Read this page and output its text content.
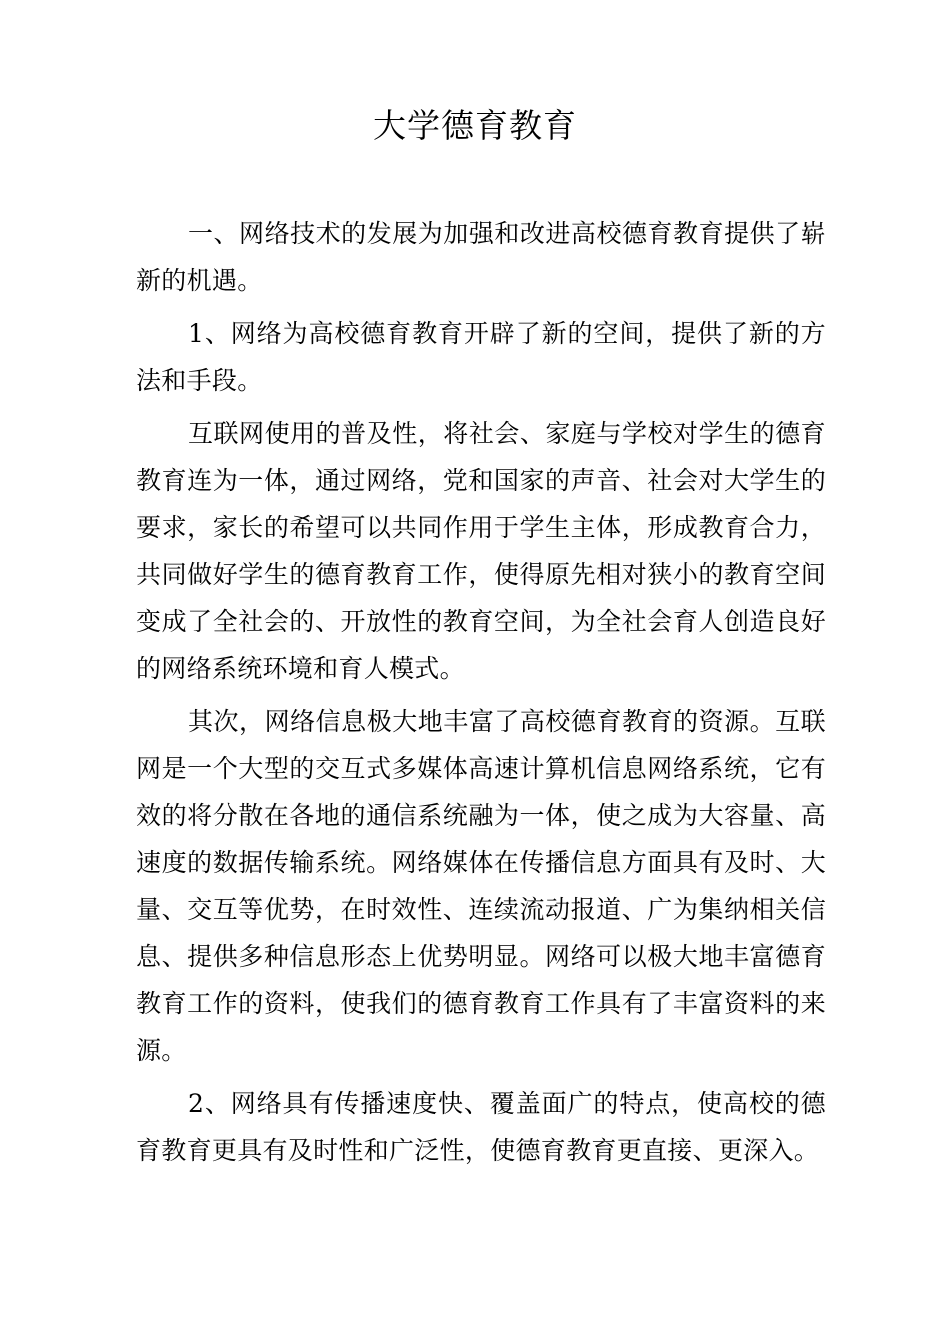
大学德育教育

一、网络技术的发展为加强和改进高校德育教育提供了崭新的机遇。

1、网络为高校德育教育开辟了新的空间，提供了新的方法和手段。

互联网使用的普及性，将社会、家庭与学校对学生的德育教育连为一体，通过网络，党和国家的声音、社会对大学生的要求，家长的希望可以共同作用于学生主体，形成教育合力，共同做好学生的德育教育工作，使得原先相对狭小的教育空间变成了全社会的、开放性的教育空间，为全社会育人创造良好的网络系统环境和育人模式。

其次，网络信息极大地丰富了高校德育教育的资源。互联网是一个大型的交互式多媒体高速计算机信息网络系统，它有效的将分散在各地的通信系统融为一体，使之成为大容量、高速度的数据传输系统。网络媒体在传播信息方面具有及时、大量、交互等优势，在时效性、连续流动报道、广为集纳相关信息、提供多种信息形态上优势明显。网络可以极大地丰富德育教育工作的资料，使我们的德育教育工作具有了丰富资料的来源。

2、网络具有传播速度快、覆盖面广的特点，使高校的德育教育更具有及时性和广泛性，使德育教育更直接、更深入。
